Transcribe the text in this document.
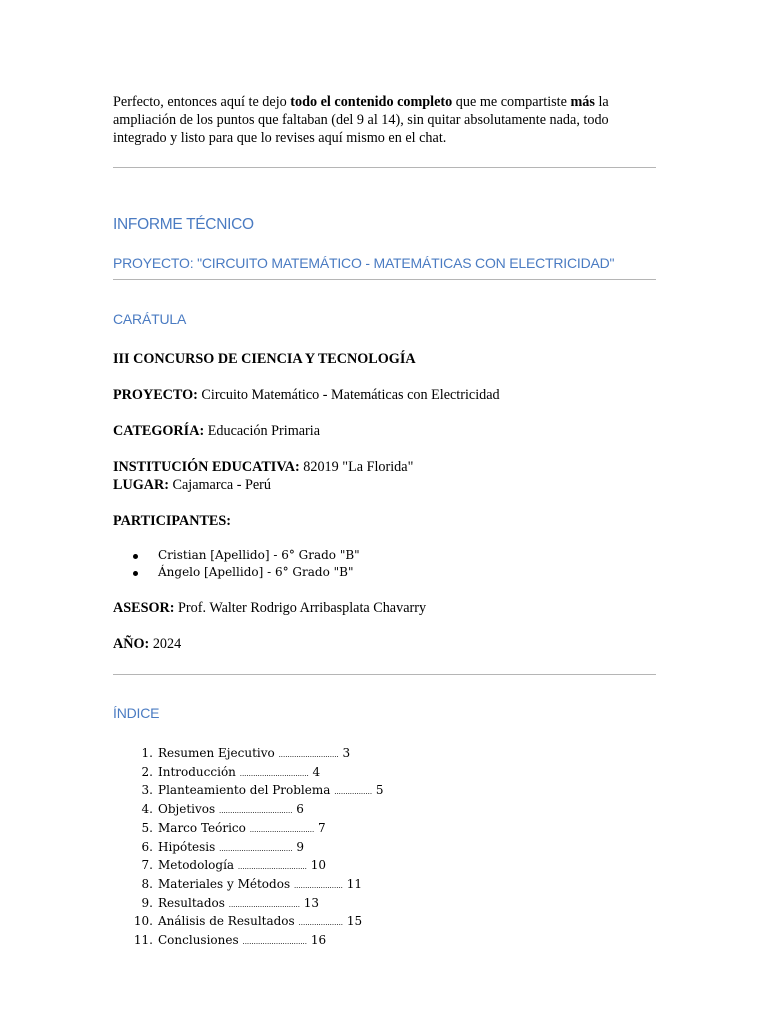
Perfecto, entonces aquí te dejo todo el contenido completo que me compartiste más la ampliación de los puntos que faltaban (del 9 al 14), sin quitar absolutamente nada, todo integrado y listo para que lo revises aquí mismo en el chat.

INFORME TÉCNICO
PROYECTO: "CIRCUITO MATEMÁTICO - MATEMÁTICAS CON ELECTRICIDAD"
CARÁTULA
III CONCURSO DE CIENCIA Y TECNOLOGÍA
PROYECTO: Circuito Matemático - Matemáticas con Electricidad
CATEGORÍA: Educación Primaria
INSTITUCIÓN EDUCATIVA: 82019 "La Florida"
LUGAR: Cajamarca - Perú
PARTICIPANTES:
Cristian [Apellido] - 6° Grado "B"
Ángelo [Apellido] - 6° Grado "B"
ASESOR: Prof. Walter Rodrigo Arribasplata Chavarry
AÑO: 2024
ÍNDICE
1. Resumen Ejecutivo ........................... 3
2. Introducción ............................... 4
3. Planteamiento del Problema ................. 5
4. Objetivos ................................. 6
5. Marco Teórico ............................. 7
6. Hipótesis ................................. 9
7. Metodología ............................... 10
8. Materiales y Métodos ...................... 11
9. Resultados ................................ 13
10. Análisis de Resultados .................... 15
11. Conclusiones ............................. 16
